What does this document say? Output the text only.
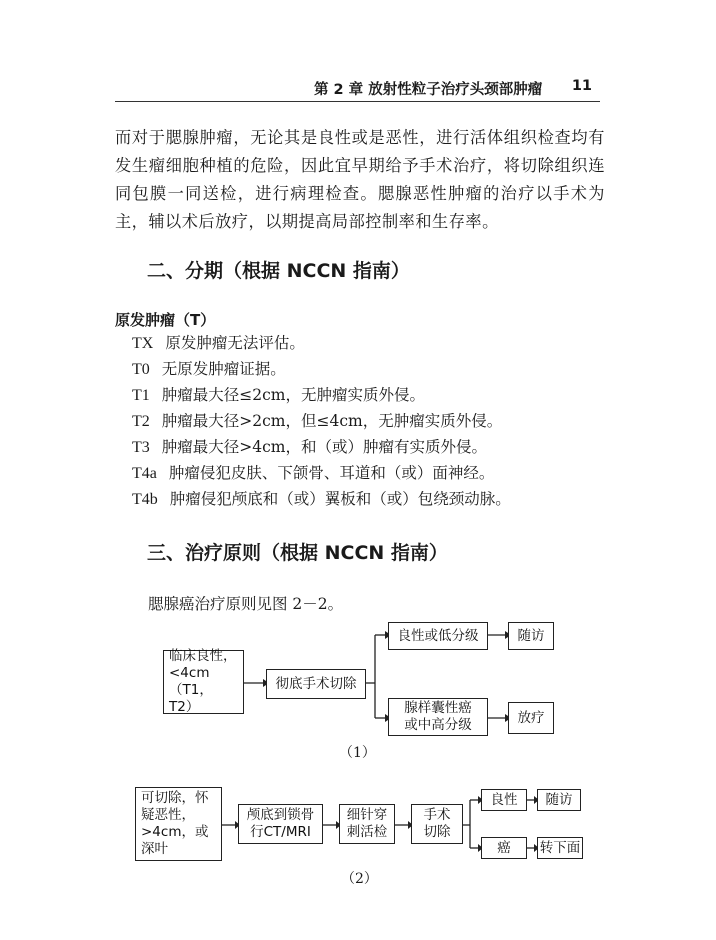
第 2 章 放射性粒子治疗头颈部肿瘤 11

而对于腮腺肿瘤，无论其是良性或是恶性，进行活体组织检查均有发生瘤细胞种植的危险，因此宜早期给予手术治疗，将切除组织连同包膜一同送检，进行病理检查。腮腺恶性肿瘤的治疗以手术为主，辅以术后放疗，以期提高局部控制率和生存率。

二、分期（根据 NCCN 指南）
原发肿瘤（T）
TX 原发肿瘤无法评估。
T0 无原发肿瘤证据。
T1 肿瘤最大径≤2cm，无肿瘤实质外侵。
T2 肿瘤最大径>2cm，但≤4cm，无肿瘤实质外侵。
T3 肿瘤最大径>4cm，和（或）肿瘤有实质外侵。
T4a 肿瘤侵犯皮肤、下颌骨、耳道和（或）面神经。
T4b 肿瘤侵犯颅底和（或）翼板和（或）包绕颈动脉。
三、治疗原则（根据 NCCN 指南）

腮腺癌治疗原则见图 2－2。

临床良性，
<4cm（T1，
T2）
彻底手术切除
良性或低分级	随访
腺样囊性癌
或中高分级	放疗
（1）
可切除，怀
疑恶性，
>4cm，或
深叶
颅底到锁骨
行CT/MRI
细针穿
刺活检
手术
切除
良性 随访
癌 转下面
（2）
